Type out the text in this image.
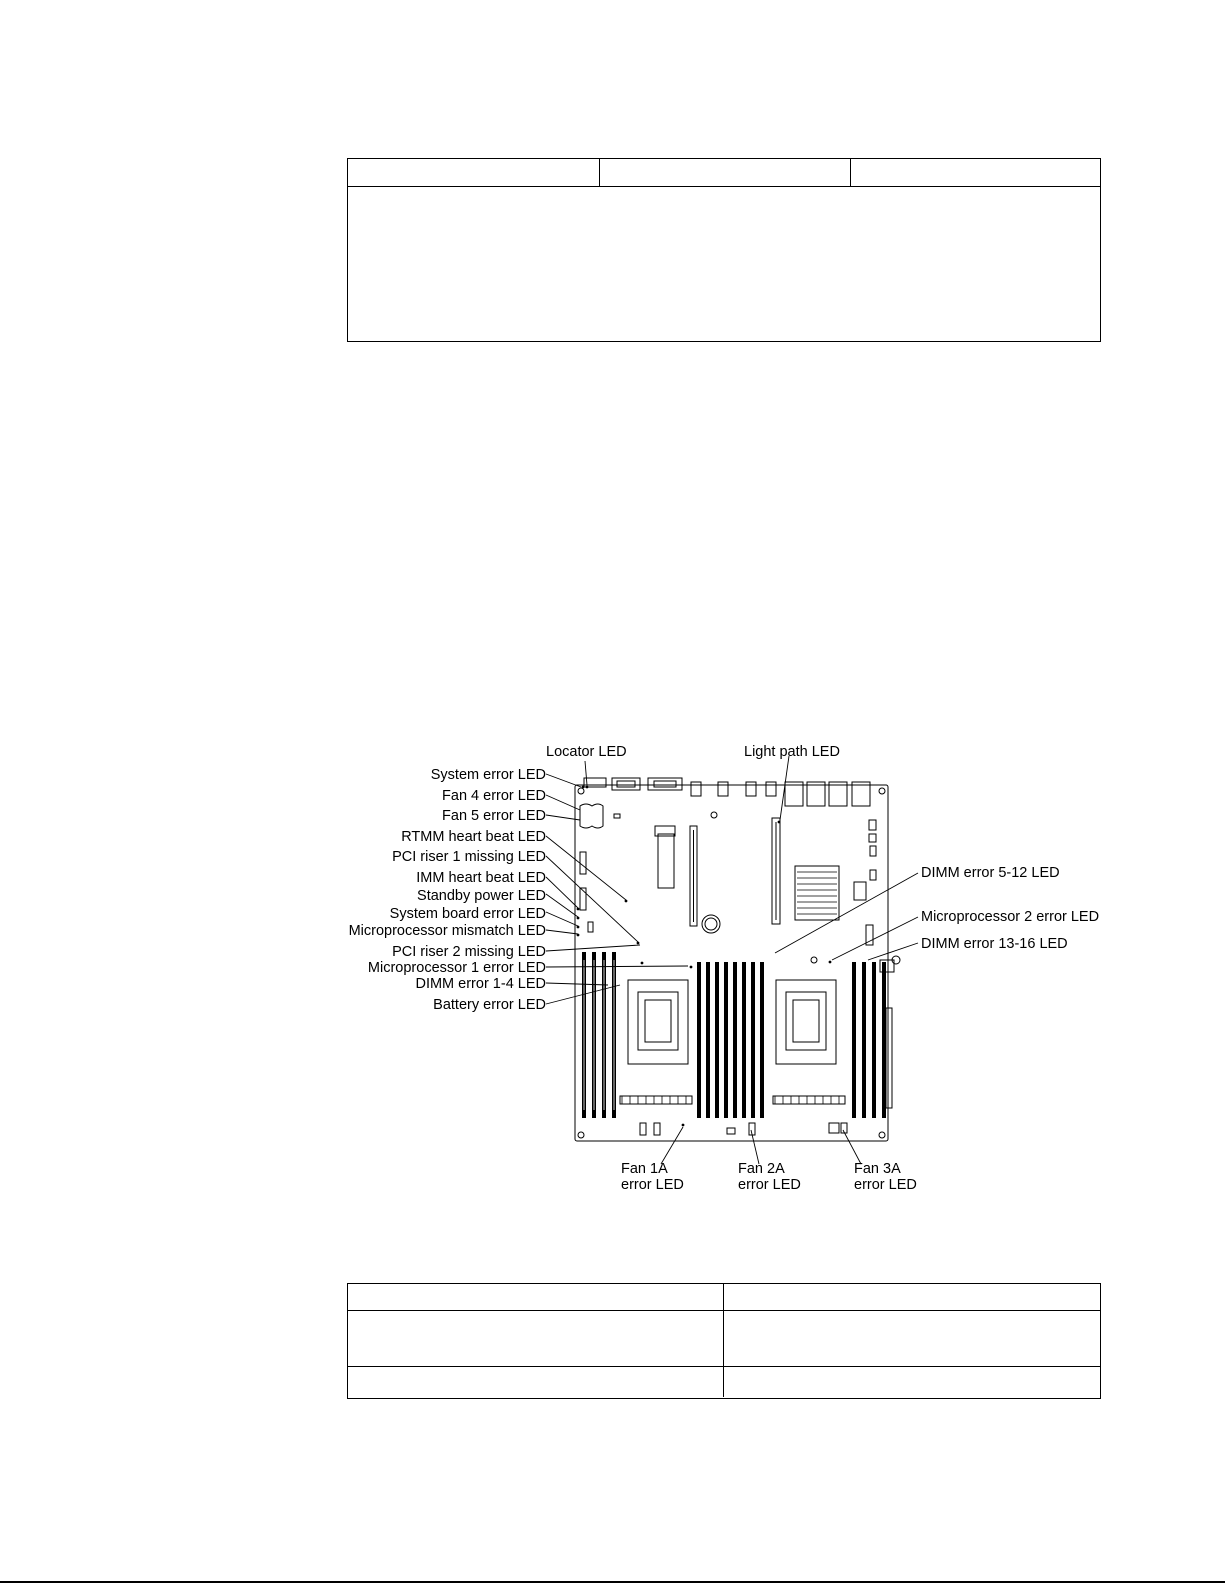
Locator LED	Light path LED
System error LED
Fan 4 error LED
Fan 5 error LED
RTMM heart beat LED
PCI riser 1 missing LED
IMM heart beat LED
Standby power LED
System board error LED
Microprocessor mismatch LED
PCI riser 2 missing LED
Microprocessor 1 error LED
DIMM error 1-4 LED
Battery error LED
DIMM error 5-12 LED
Microprocessor 2 error LED
DIMM error 13-16 LED
Fan 1A
error LED
Fan 2A
error LED
Fan 3A
error LED
